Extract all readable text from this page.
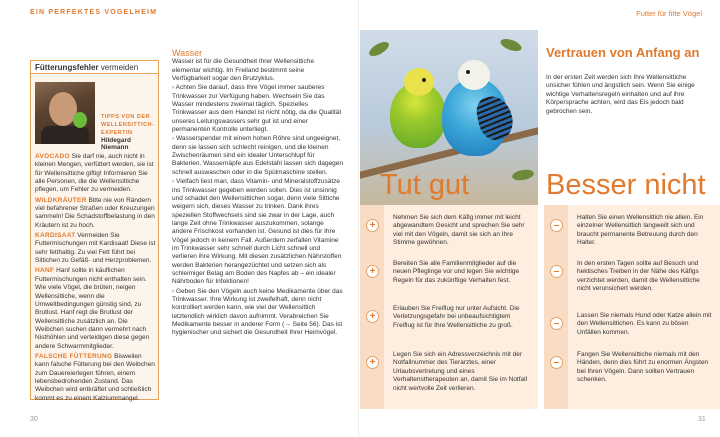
EIN PERFEKTES VOGELHEIM	Futter für fitte Vögel
Fütterungsfehler vermeiden
TIPPS VON DER WELLENSITTICH-EXPERTIN
Hildegard Niemann

AVOCADO Sie darf nie, auch nicht in kleinen Mengen, verfüttert werden, sie ist für Wellensittiche giftig! Informieren Sie alle Personen, die die Wellensittiche pflegen, um Fehler zu vermeiden.

WILDKRÄUTER Bitte nie von Rändern viel befahrener Straßen oder Kreuzungen sammeln! Die Schadstoffbelastung in den Kräutern ist zu hoch.

KARDISAAT Vermeiden Sie Futtermischungen mit Kardisaat! Diese ist sehr fetthaltig. Zu viel Fett führt bei Sittichen zu Gefäß- und Herzproblemen.

HANF Hanf sollte in käuflichen Futtermischungen nicht enthalten sein. Wie viele Vögel, die brüten, neigen Wellensittiche, wenn die Umweltbedingungen günstig sind, zu Brutlust. Hanf regt die Brutlust der Wellensittiche zusätzlich an. Die Weibchen suchen dann vermehrt nach Nisthöhlen und verteidigen diese gegen andere Schwarmmitglieder.

FALSCHE FÜTTERUNG Bisweilen kann falsche Fütterung bei den Weibchen zum Dauereierlegen führen, einem lebensbedrohenden Zustand. Das Weibchen wird entkräftet und schließlich kommt es zu einem Kalziummangel.

Wasser

Wasser ist für die Gesundheit Ihrer Wellensittiche elementar wichtig. Im Freiland bestimmt seine Verfügbarkeit sogar den Brutzyklus.

› Achten Sie darauf, dass Ihre Vögel immer sauberes Trinkwasser zur Verfügung haben. Wechseln Sie das Wasser mindestens zweimal täglich. Spezielles Trinkwasser aus dem Handel ist nicht nötig, da die Qualität unseres Leitungswassers sehr gut ist und einer permanenten Kontrolle unterliegt.

› Wasserspender mit einem hohen Röhre sind ungeeignet, denn sie lassen sich schlecht reinigen, und die kleinen Zwischenräumen sind ein idealer Unterschlupf für Bakterien. Wassernäpfe aus Edelstahl lassen sich dagegen schnell auswaschen oder in die Spülmaschine stellen.

› Vielfach liest man, dass Vitamin- und Mineralstoffzusätze ins Trinkwasser gegeben werden sollen. Dies ist unsinnig und schadet den Wellensittichen sogar, denn viele Sittiche weigern sich, dieses Wasser zu trinken. Dank ihres speziellen Stoffwechsels sind sie zwar in der Lage, auch lange Zeit ohne Trinkwasser auszukommen, solange andere Frischkost vorhanden ist. Gesund ist dies für Ihre Vögel jedoch in keinem Fall. Außerdem zerfallen Vitamine im Trinkwasser sehr schnell durch Licht schnell und verlieren ihre Wirkung. Mit diesen zusätzlichen Nährstoffen werden Bakterien herangezüchtet und setzen sich als schleimiger Belag am Boden des Napfes ab – ein idealer Nährboden für Infektionen!

› Geben Sie den Vögeln auch keine Medikamente über das Trinkwasser. Ihre Wirkung ist zweifelhaft, denn nicht kontrolliert werden kann, wie viel der Wellensittich letztendlich wirklich davon aufnimmt. Verabreichen Sie Medikamente besser in anderer Form (→ Seite 56). Das ist hygienischer und sichert die Gesundheit Ihrer Heimvögel.

Vertrauen von Anfang an

In der ersten Zeit werden sich Ihre Wellensittiche unsicher fühlen und ängstlich sein. Wenn Sie einige wichtige Verhaltensregeln einhalten und auf ihre Körpersprache achten, wird das Eis jedoch bald gebrochen sein.

+
Nehmen Sie sich dem Käfig immer mit leicht abgewandtem Gesicht und sprechen Sie sehr viel mit den Vögeln, damit sie sich an Ihre Stimme gewöhnen.
+
Bereiten Sie alle Familienmitglieder auf die neuen Pfleglinge vor und legen Sie wichtige Regeln für das zukünftige Verhalten fest.
+
Erlauben Sie Freiflug nur unter Aufsicht. Die Verletzungsgefahr bei unbeaufsichtigtem Freiflug ist für Ihre Wellensittiche zu groß.
+
Legen Sie sich ein Adressverzeichnis mit der Notfallnummer des Tierarztes, einer Urlaubsvertretung und eines Verhaltenstherapeuten an, damit Sie im Notfall nicht wertvolle Zeit verlieren.
–
Halten Sie einen Wellensittich nie allein. Ein einzelner Wellensittich langweilt sich und braucht permanente Betreuung durch den Halter.
–
In den ersten Tagen sollte auf Besuch und hektisches Treiben in der Nähe des Käfigs verzichtet werden, damit die Wellensittiche nicht verunsichert werden.
–
Lassen Sie niemals Hund oder Katze allein mit den Wellensittichen. Es kann zu bösen Unfällen kommen.
–
Fangen Sie Wellensittiche niemals mit den Händen, denn dies führt zu enormen Ängsten bei Ihren Vögeln. Dann sollten Vertrauen schenken.
Tut gut	Besser nicht
30	31
